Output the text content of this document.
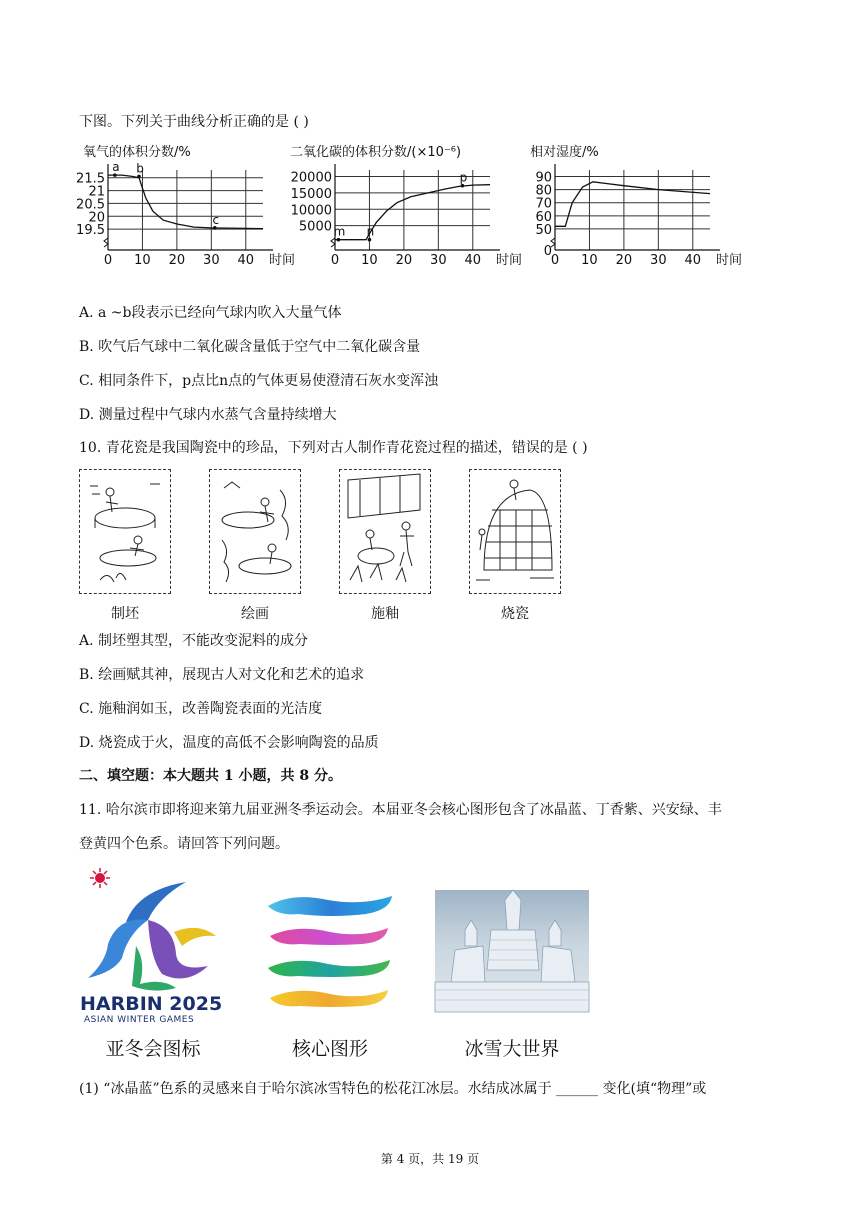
下图。下列关于曲线分析正确的是 ( )
0 10 20 30 40 时间
19.5
20
20.5
21
21.5
氧气的体积分数/%
a b
c
0 10 20 30 40 时间
5000
10000
15000
20000
二氧化碳的体积分数/(×10⁻⁶)
m n
p
0 10 20 30 40 时间
0
50
60
70
80
90
相对湿度/%
A. a ~b段表示已经向气球内吹入大量气体
B. 吹气后气球中二氧化碳含量低于空气中二氧化碳含量
C. 相同条件下，p点比n点的气体更易使澄清石灰水变浑浊
D. 测量过程中气球内水蒸气含量持续增大
10. 青花瓷是我国陶瓷中的珍品，下列对古人制作青花瓷过程的描述，错误的是 ( )
制坯	绘画	施釉	烧瓷
A. 制坯塑其型，不能改变泥料的成分
B. 绘画赋其神，展现古人对文化和艺术的追求
C. 施釉润如玉，改善陶瓷表面的光洁度
D. 烧瓷成于火，温度的高低不会影响陶瓷的品质
二、填空题：本大题共 1 小题，共 8 分。
11. 哈尔滨市即将迎来第九届亚洲冬季运动会。本届亚冬会核心图形包含了冰晶蓝、丁香紫、兴安绿、丰
登黄四个色系。请回答下列问题。
HARBIN 2025
ASIAN WINTER GAMES
亚冬会图标	核心图形	冰雪大世界
(1) “冰晶蓝”色系的灵感来自于哈尔滨冰雪特色的松花江冰层。水结成冰属于 ______ 变化(填“物理”或
第 4 页，共 19 页
